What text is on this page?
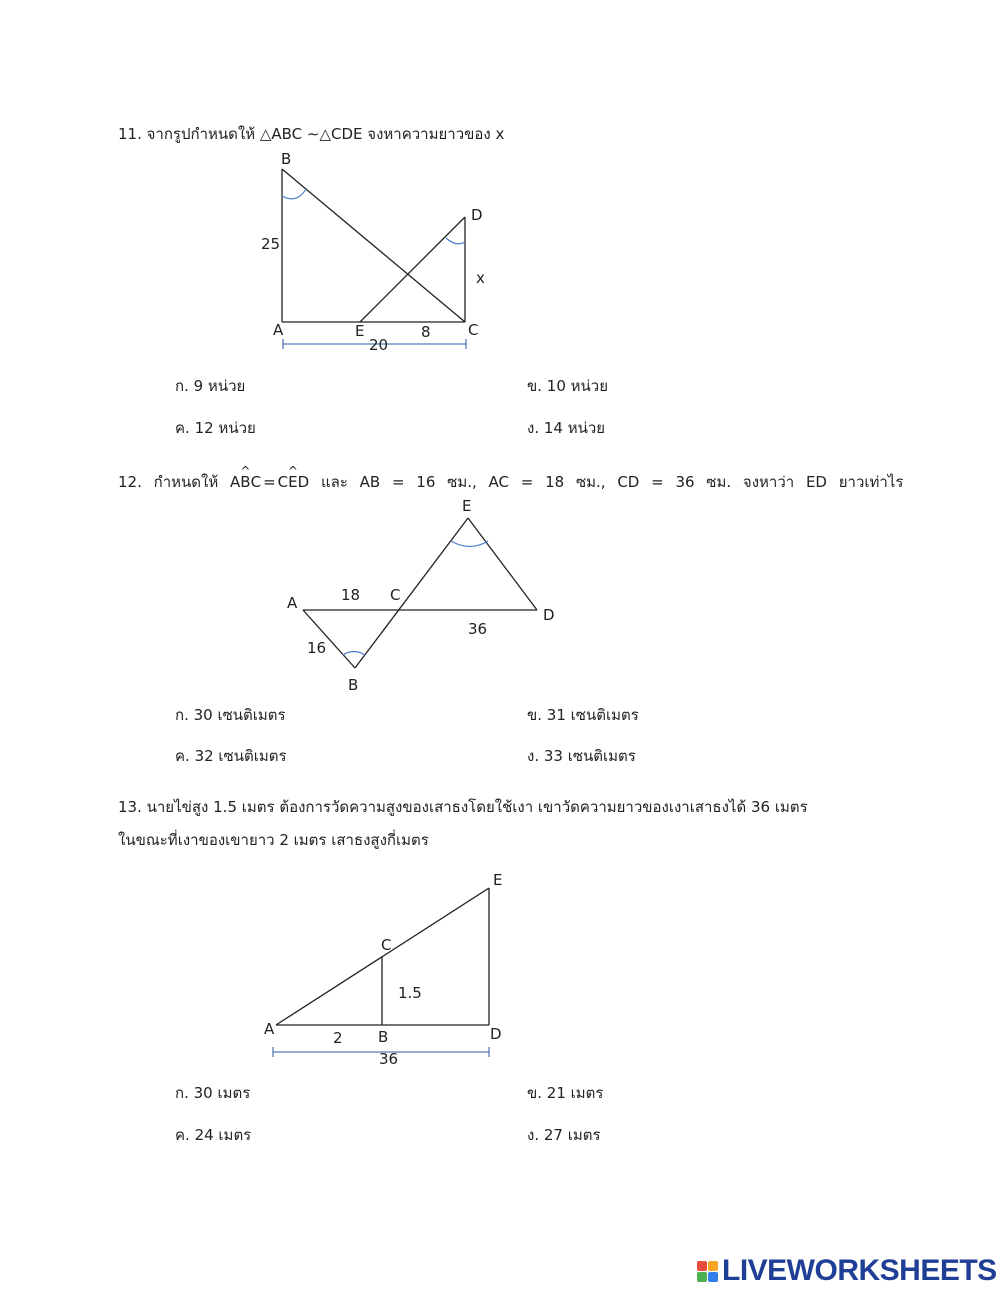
11. จากรูปกำหนดให้ △ABC ∼△CDE จงหาความยาวของ x
B
D
A	E	C
25
8
x
20
ก. 9 หน่วย	ข. 10 หน่วย
ค. 12 หน่วย	ง. 14 หน่วย
12. กำหนดให้ A^ BC = C^ ED และ AB = 16 ซม., AC = 18 ซม., CD = 36 ซม. จงหาว่า ED ยาวเท่าไร
E
A	C
D
B
18
16
36
ก. 30 เซนติเมตร	ข. 31 เซนติเมตร
ค. 32 เซนติเมตร	ง. 33 เซนติเมตร
13. นายไข่สูง 1.5 เมตร ต้องการวัดความสูงของเสาธงโดยใช้เงา เขาวัดความยาวของเงาเสาธงได้ 36 เมตร
ในขณะที่เงาของเขายาว 2 เมตร เสาธงสูงกี่เมตร
E
C
A	B	D
2
1.5
36
ก. 30 เมตร	ข. 21 เมตร
ค. 24 เมตร	ง. 27 เมตร
LIVEWORKSHEETS
